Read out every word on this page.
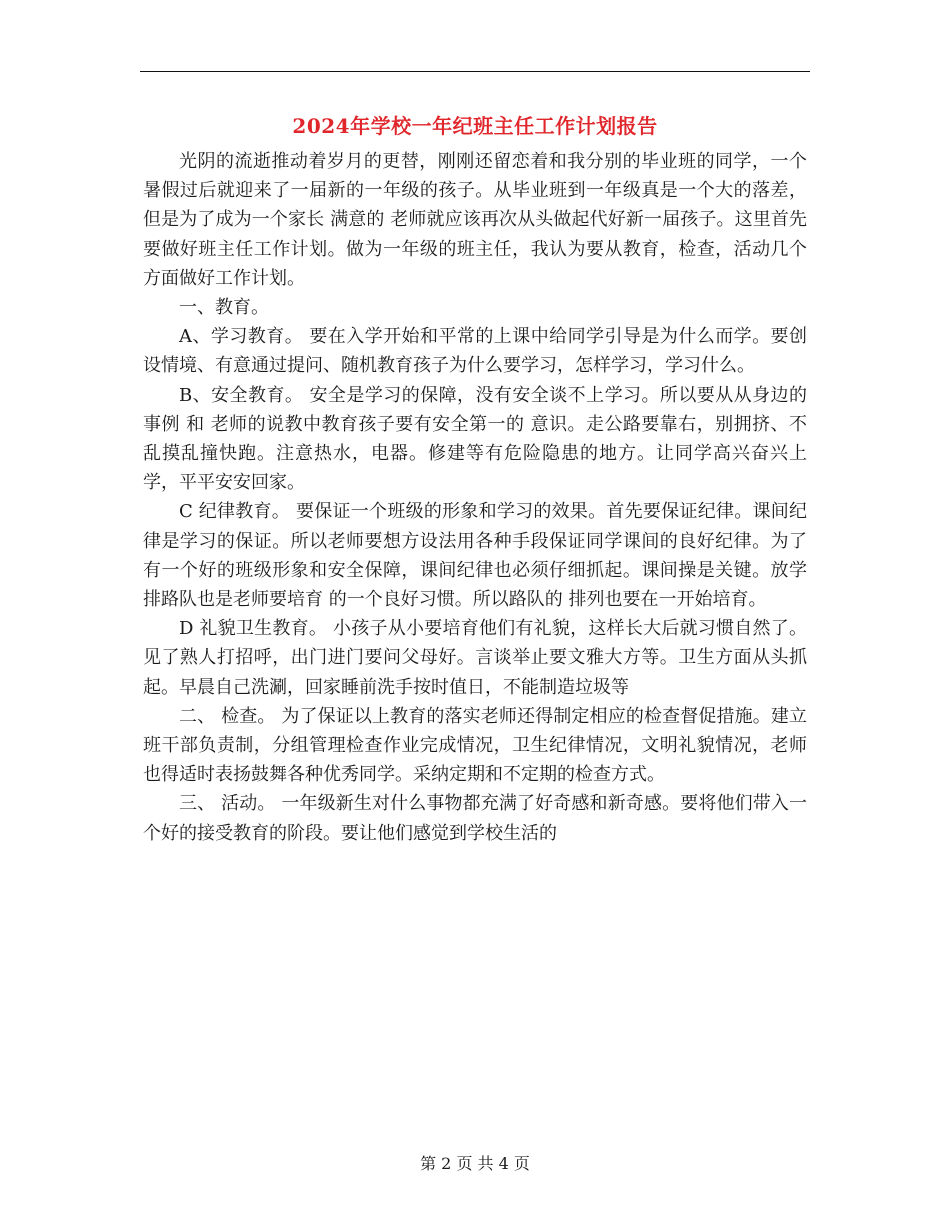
2024年学校一年纪班主任工作计划报告

光阴的流逝推动着岁月的更替，刚刚还留恋着和我分别的毕业班的同学，一个暑假过后就迎来了一届新的一年级的孩子。从毕业班到一年级真是一个大的落差，但是为了成为一个家长 满意的 老师就应该再次从头做起代好新一届孩子。这里首先要做好班主任工作计划。做为一年级的班主任，我认为要从教育，检查，活动几个方面做好工作计划。

一、教育。

A、学习教育。 要在入学开始和平常的上课中给同学引导是为什么而学。要创设情境、有意通过提问、随机教育孩子为什么要学习，怎样学习，学习什么。

B、安全教育。 安全是学习的保障，没有安全谈不上学习。所以要从从身边的事例 和 老师的说教中教育孩子要有安全第一的 意识。走公路要靠右，别拥挤、不乱摸乱撞快跑。注意热水，电器。修建等有危险隐患的地方。让同学高兴奋兴上学，平平安安回家。

C 纪律教育。 要保证一个班级的形象和学习的效果。首先要保证纪律。课间纪律是学习的保证。所以老师要想方设法用各种手段保证同学课间的良好纪律。为了有一个好的班级形象和安全保障，课间纪律也必须仔细抓起。课间操是关键。放学排路队也是老师要培育 的一个良好习惯。所以路队的 排列也要在一开始培育。

D 礼貌卫生教育。 小孩子从小要培育他们有礼貌，这样长大后就习惯自然了。见了熟人打招呼，出门进门要问父母好。言谈举止要文雅大方等。卫生方面从头抓起。早晨自己洗涮，回家睡前洗手按时值日，不能制造垃圾等

二、 检查。 为了保证以上教育的落实老师还得制定相应的检查督促措施。建立班干部负责制，分组管理检查作业完成情况，卫生纪律情况，文明礼貌情况，老师也得适时表扬鼓舞各种优秀同学。采纳定期和不定期的检查方式。

三、 活动。 一年级新生对什么事物都充满了好奇感和新奇感。要将他们带入一个好的接受教育的阶段。要让他们感觉到学校生活的

第 2 页 共 4 页
